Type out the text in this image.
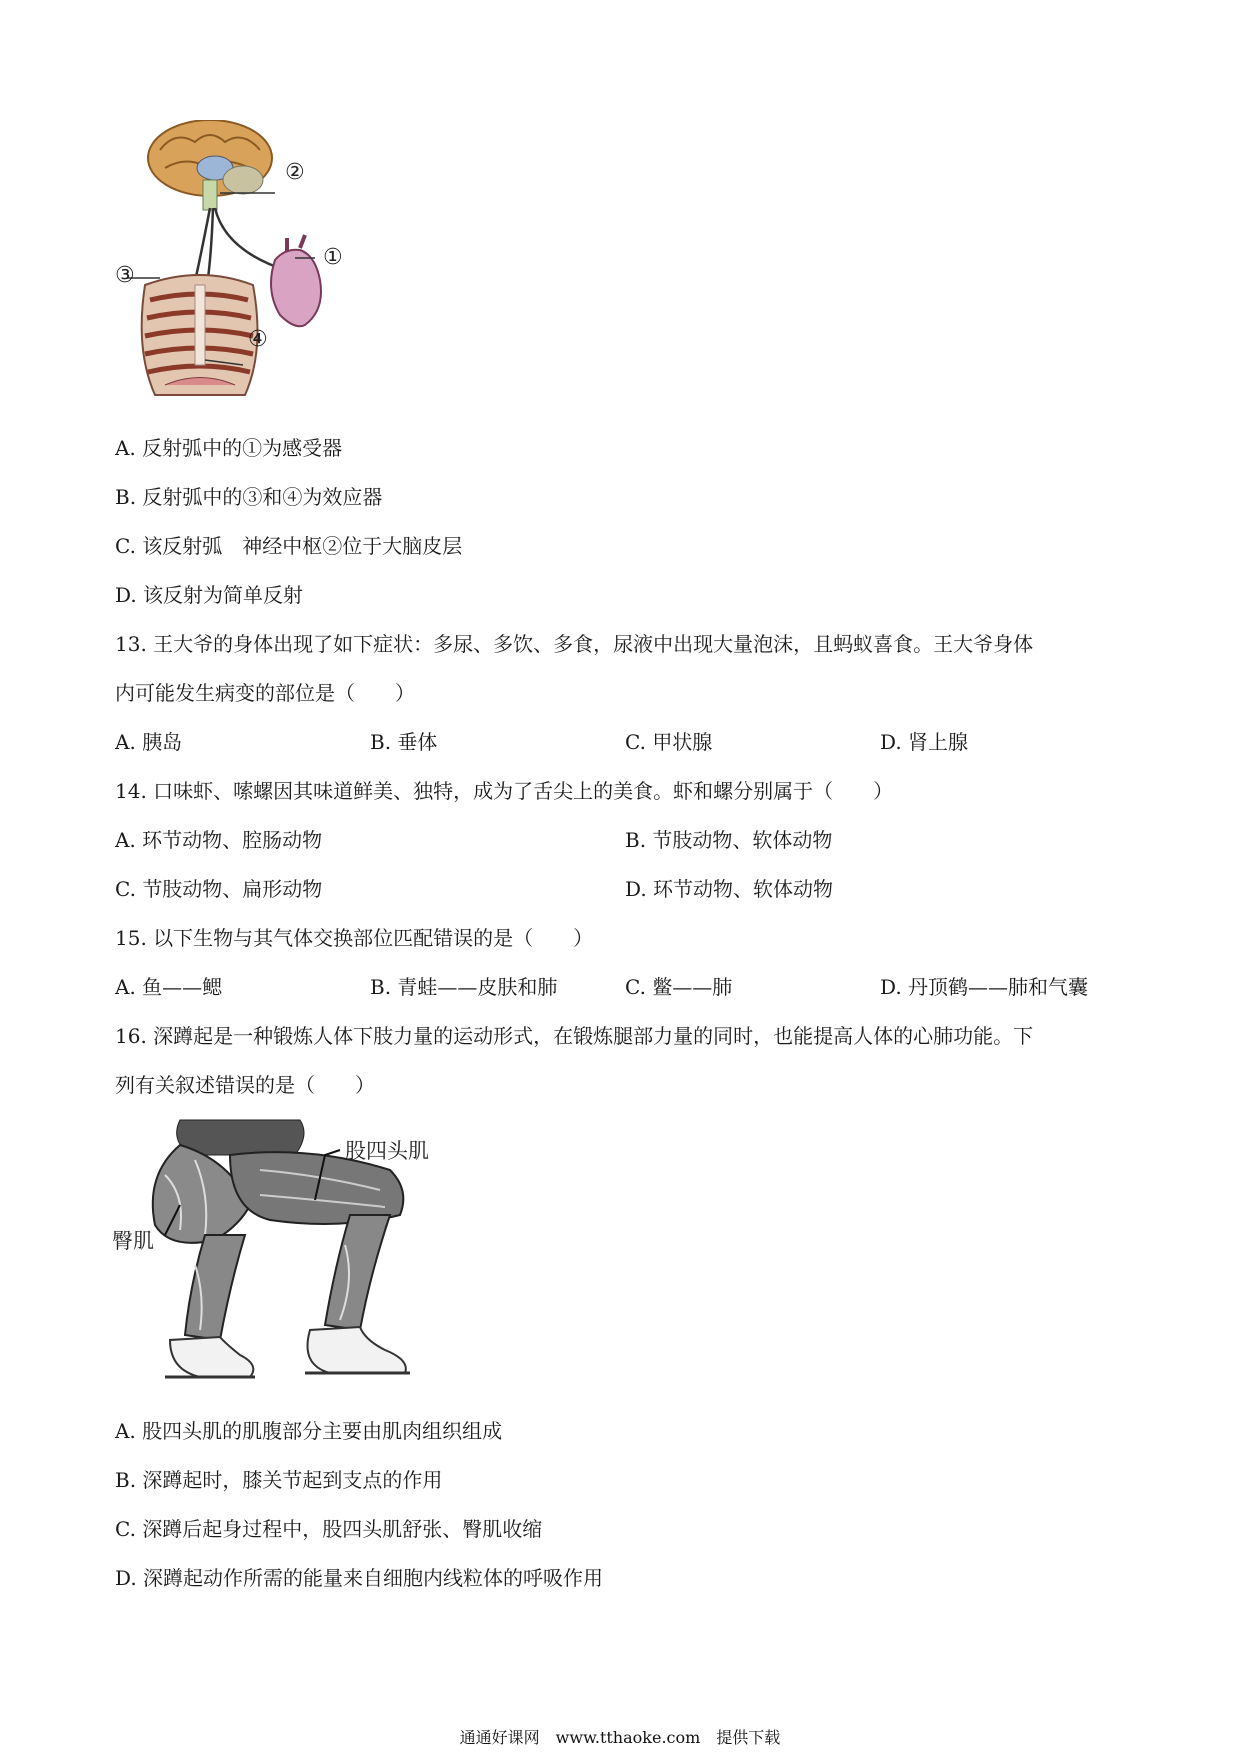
②
①
③
④
A. 反射弧中的①为感受器
B. 反射弧中的③和④为效应器
C. 该反射弧　神经中枢②位于大脑皮层
D. 该反射为简单反射
13. 王大爷的身体出现了如下症状：多尿、多饮、多食，尿液中出现大量泡沫，且蚂蚁喜食。王大爷身体
内可能发生病变的部位是（　　）
A. 胰岛	B. 垂体	C. 甲状腺	D. 肾上腺
14. 口味虾、嗦螺因其味道鲜美、独特，成为了舌尖上的美食。虾和螺分别属于（　　）
A. 环节动物、腔肠动物	B. 节肢动物、软体动物
C. 节肢动物、扁形动物	D. 环节动物、软体动物
15. 以下生物与其气体交换部位匹配错误的是（　　）
A. 鱼——鳃	B. 青蛙——皮肤和肺	C. 鳖——肺	D. 丹顶鹤——肺和气囊
16. 深蹲起是一种锻炼人体下肢力量的运动形式，在锻炼腿部力量的同时，也能提高人体的心肺功能。下
列有关叙述错误的是（　　）
股四头肌
臀肌
A. 股四头肌的肌腹部分主要由肌肉组织组成
B. 深蹲起时，膝关节起到支点的作用
C. 深蹲后起身过程中，股四头肌舒张、臀肌收缩
D. 深蹲起动作所需的能量来自细胞内线粒体的呼吸作用
通通好课网　www.tthaoke.com　提供下载
